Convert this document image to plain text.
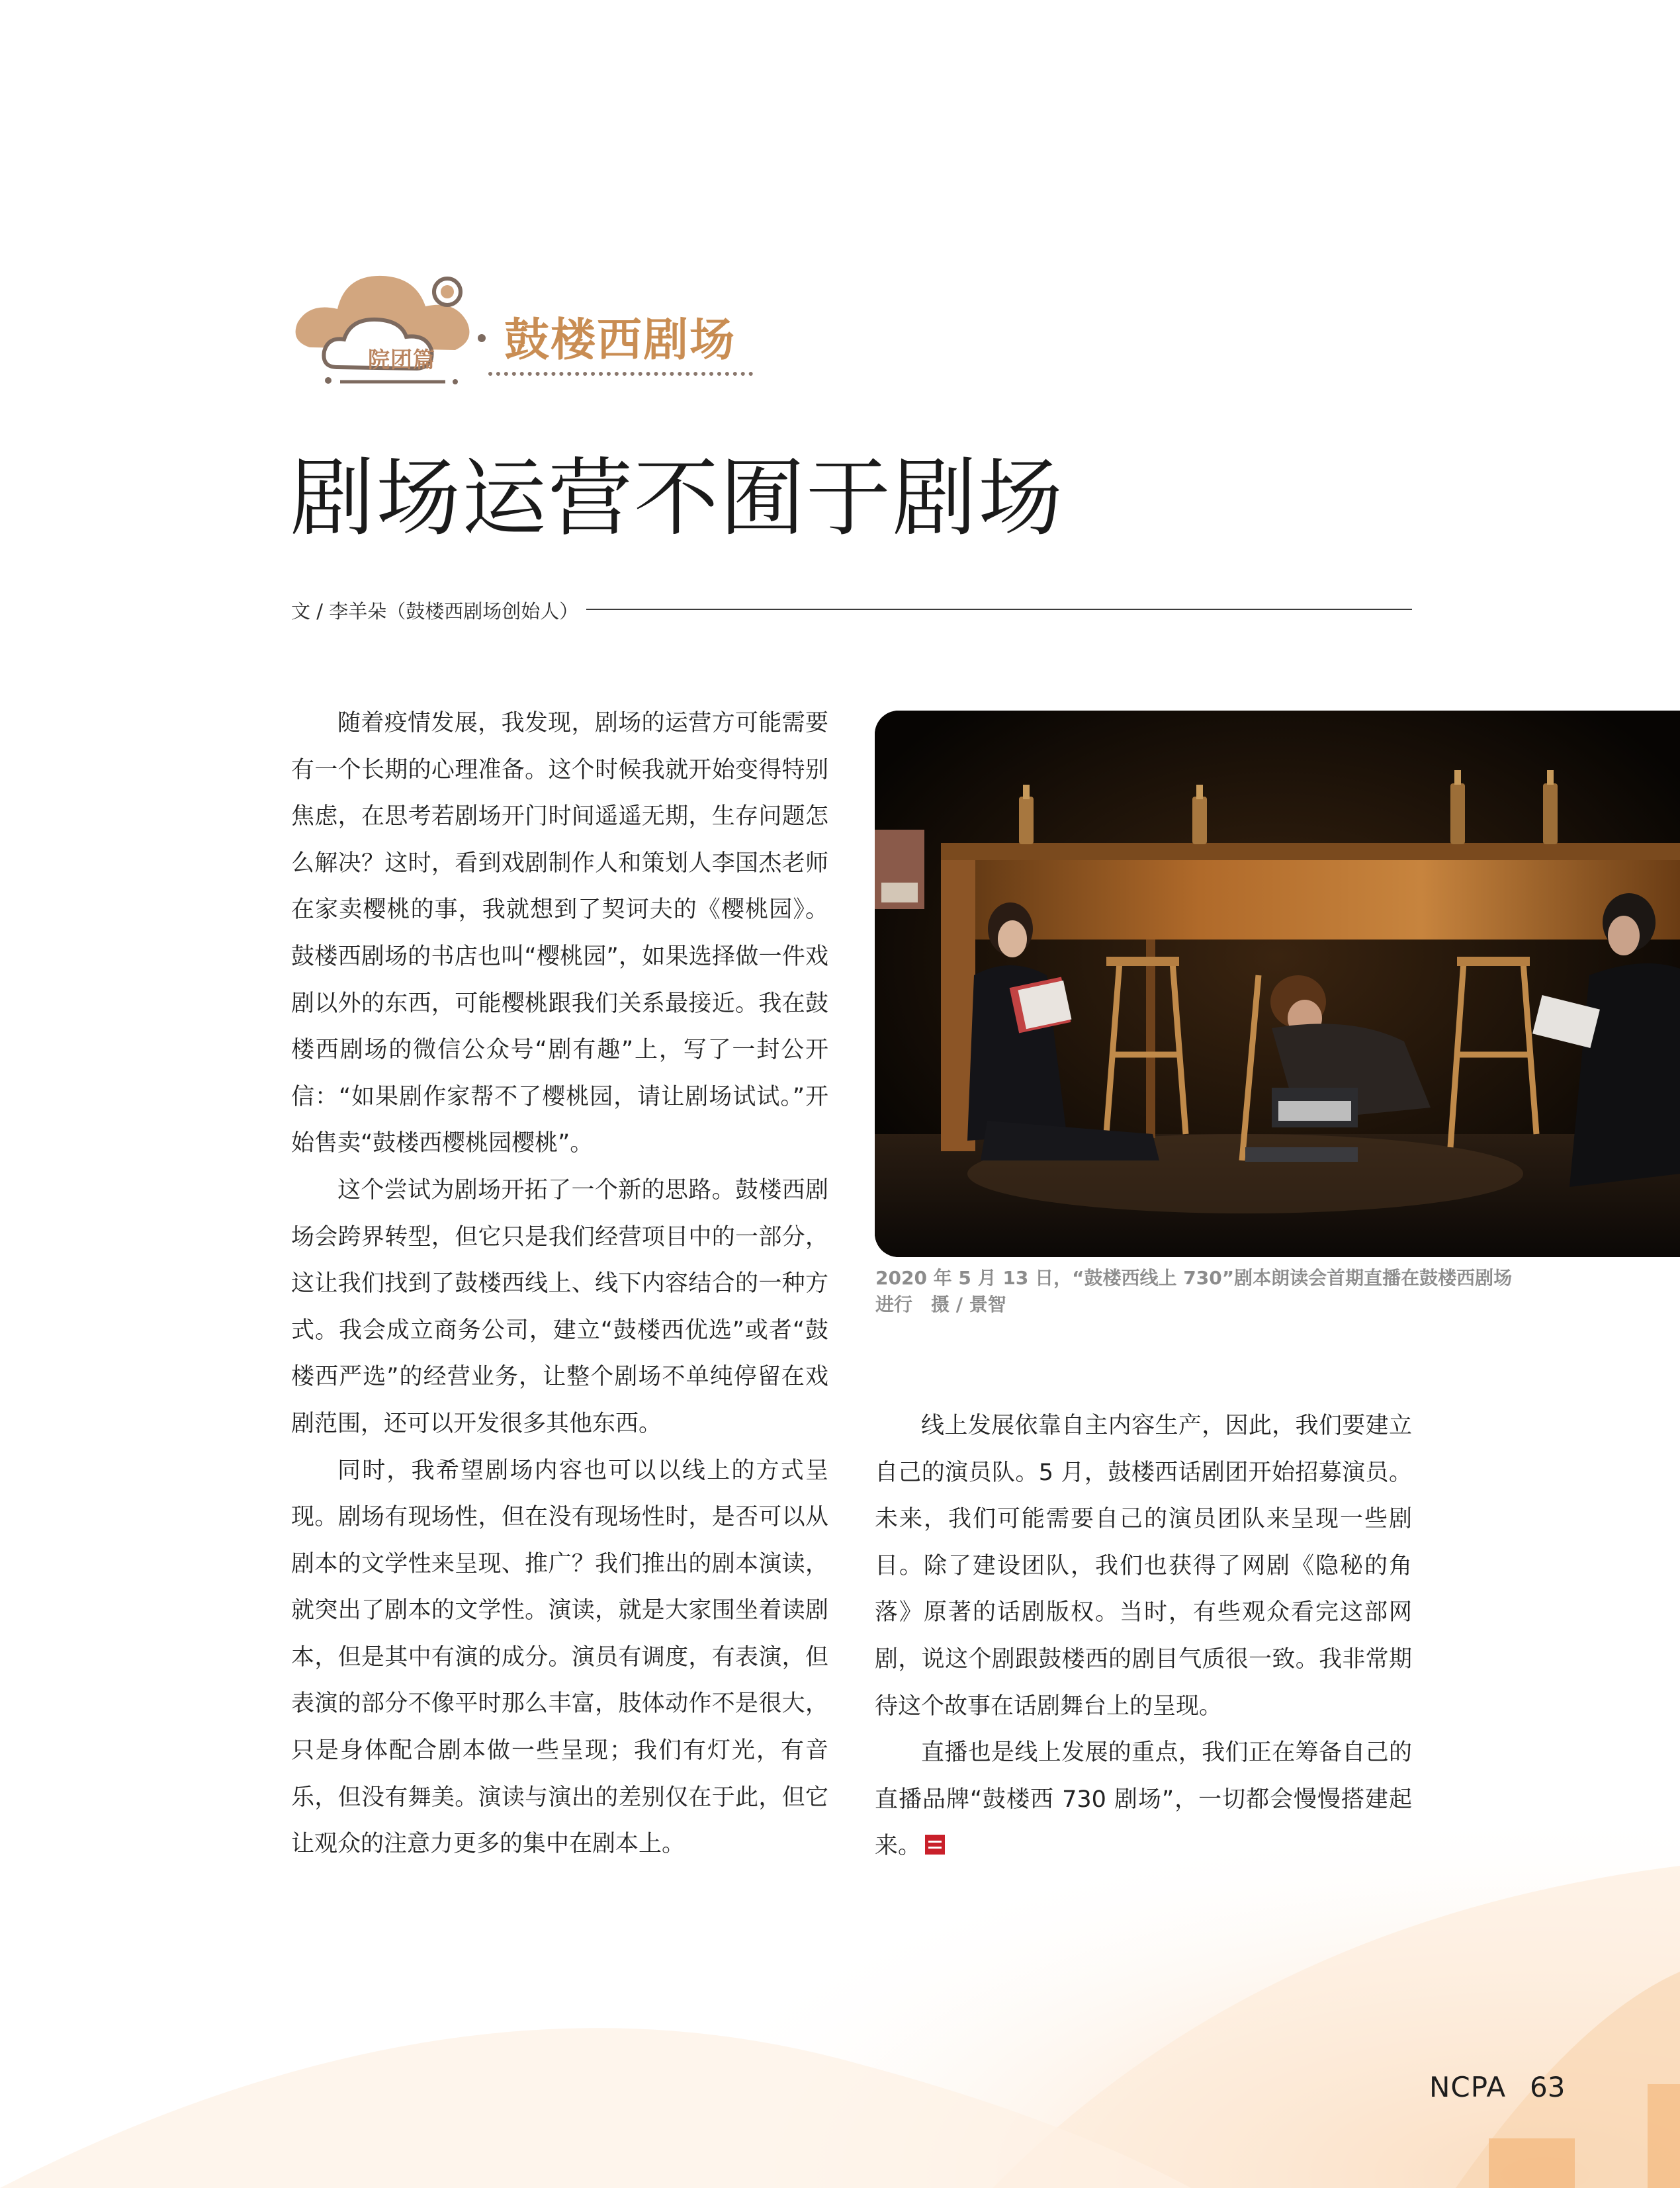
院团篇 鼓楼西剧场
剧场运营不囿于剧场
文 / 李羊朵（鼓楼西剧场创始人）

随着疫情发展，我发现，剧场的运营方可能需要有一个长期的心理准备。这个时候我就开始变得特别焦虑，在思考若剧场开门时间遥遥无期，生存问题怎么解决？这时，看到戏剧制作人和策划人李国杰老师在家卖樱桃的事，我就想到了契诃夫的《樱桃园》。鼓楼西剧场的书店也叫“樱桃园”，如果选择做一件戏剧以外的东西，可能樱桃跟我们关系最接近。我在鼓楼西剧场的微信公众号“剧有趣”上，写了一封公开信：“如果剧作家帮不了樱桃园，请让剧场试试。”开始售卖“鼓楼西樱桃园樱桃”。

这个尝试为剧场开拓了一个新的思路。鼓楼西剧场会跨界转型，但它只是我们经营项目中的一部分，这让我们找到了鼓楼西线上、线下内容结合的一种方式。我会成立商务公司，建立“鼓楼西优选”或者“鼓楼西严选”的经营业务，让整个剧场不单纯停留在戏剧范围，还可以开发很多其他东西。

同时，我希望剧场内容也可以以线上的方式呈现。剧场有现场性，但在没有现场性时，是否可以从剧本的文学性来呈现、推广？我们推出的剧本演读，就突出了剧本的文学性。演读，就是大家围坐着读剧本，但是其中有演的成分。演员有调度，有表演，但表演的部分不像平时那么丰富，肢体动作不是很大，只是身体配合剧本做一些呈现；我们有灯光，有音乐，但没有舞美。演读与演出的差别仅在于此，但它让观众的注意力更多的集中在剧本上。

2020 年 5 月 13 日，“鼓楼西线上 730”剧本朗读会首期直播在鼓楼西剧场进行　摄 / 景智

线上发展依靠自主内容生产，因此，我们要建立自己的演员队。5 月，鼓楼西话剧团开始招募演员。未来，我们可能需要自己的演员团队来呈现一些剧目。除了建设团队，我们也获得了网剧《隐秘的角落》原著的话剧版权。当时，有些观众看完这部网剧，说这个剧跟鼓楼西的剧目气质很一致。我非常期待这个故事在话剧舞台上的呈现。

直播也是线上发展的重点，我们正在筹备自己的直播品牌“鼓楼西 730 剧场”，一切都会慢慢搭建起来。

NCPA 63
